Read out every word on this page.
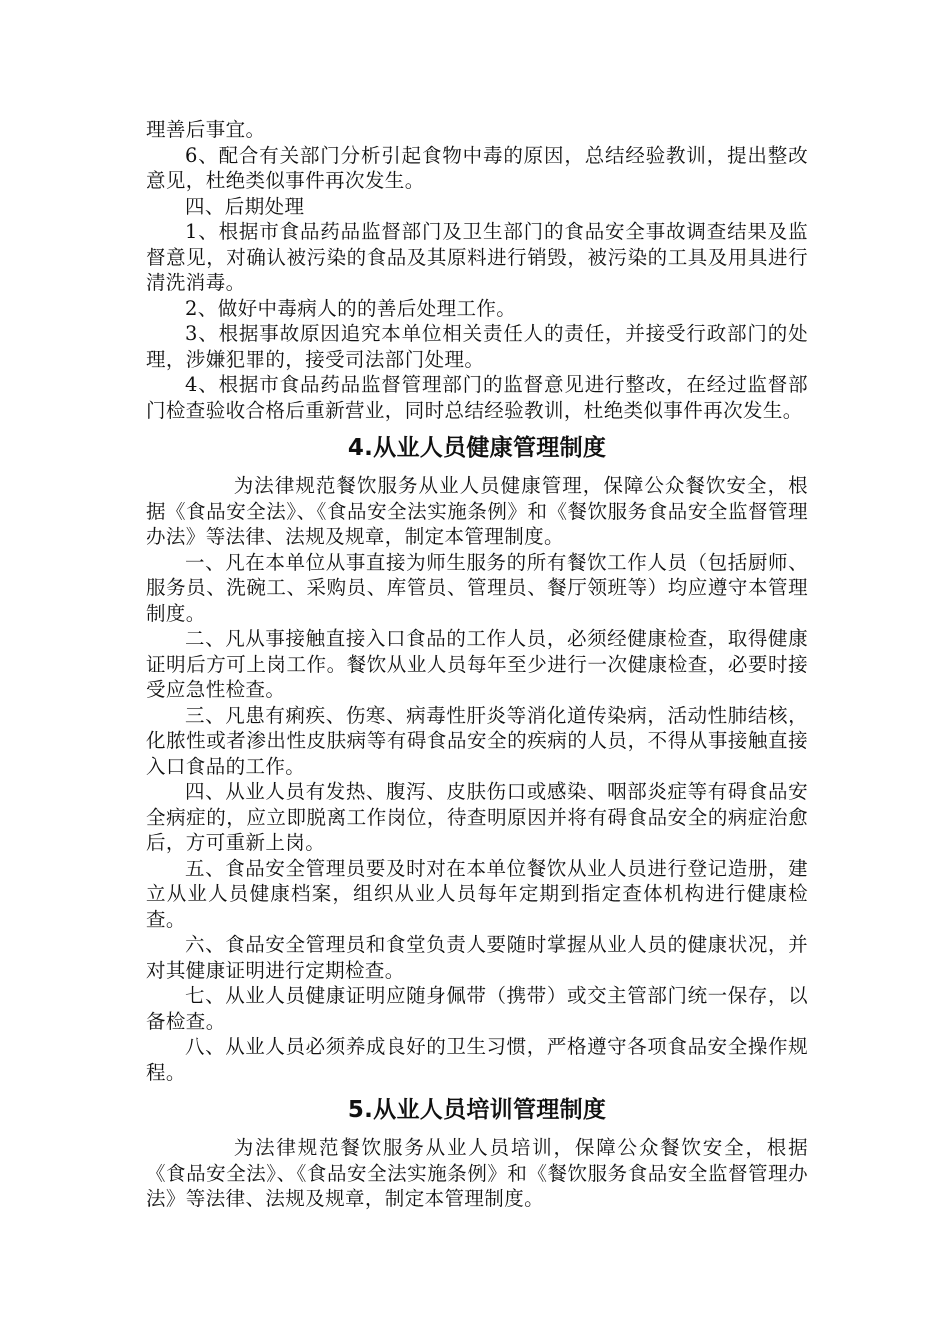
理善后事宜。

6、配合有关部门分析引起食物中毒的原因，总结经验教训，提出整改意见，杜绝类似事件再次发生。

四、后期处理

1、根据市食品药品监督部门及卫生部门的食品安全事故调查结果及监督意见，对确认被污染的食品及其原料进行销毁，被污染的工具及用具进行清洗消毒。

2、做好中毒病人的的善后处理工作。

3、根据事故原因追究本单位相关责任人的责任，并接受行政部门的处理，涉嫌犯罪的，接受司法部门处理。

4、根据市食品药品监督管理部门的监督意见进行整改，在经过监督部门检查验收合格后重新营业，同时总结经验教训，杜绝类似事件再次发生。

4.从业人员健康管理制度

为法律规范餐饮服务从业人员健康管理，保障公众餐饮安全，根据《食品安全法》、《食品安全法实施条例》和《餐饮服务食品安全监督管理办法》等法律、法规及规章，制定本管理制度。

一、凡在本单位从事直接为师生服务的所有餐饮工作人员（包括厨师、服务员、洗碗工、采购员、库管员、管理员、餐厅领班等）均应遵守本管理制度。

二、凡从事接触直接入口食品的工作人员，必须经健康检查，取得健康证明后方可上岗工作。餐饮从业人员每年至少进行一次健康检查，必要时接受应急性检查。

三、凡患有痢疾、伤寒、病毒性肝炎等消化道传染病，活动性肺结核，化脓性或者渗出性皮肤病等有碍食品安全的疾病的人员，不得从事接触直接入口食品的工作。

四、从业人员有发热、腹泻、皮肤伤口或感染、咽部炎症等有碍食品安全病症的，应立即脱离工作岗位，待查明原因并将有碍食品安全的病症治愈后，方可重新上岗。

五、食品安全管理员要及时对在本单位餐饮从业人员进行登记造册，建立从业人员健康档案，组织从业人员每年定期到指定查体机构进行健康检查。

六、食品安全管理员和食堂负责人要随时掌握从业人员的健康状况，并对其健康证明进行定期检查。

七、从业人员健康证明应随身佩带（携带）或交主管部门统一保存，以备检查。

八、从业人员必须养成良好的卫生习惯，严格遵守各项食品安全操作规程。

5.从业人员培训管理制度

为法律规范餐饮服务从业人员培训，保障公众餐饮安全，根据《食品安全法》、《食品安全法实施条例》和《餐饮服务食品安全监督管理办法》等法律、法规及规章，制定本管理制度。
